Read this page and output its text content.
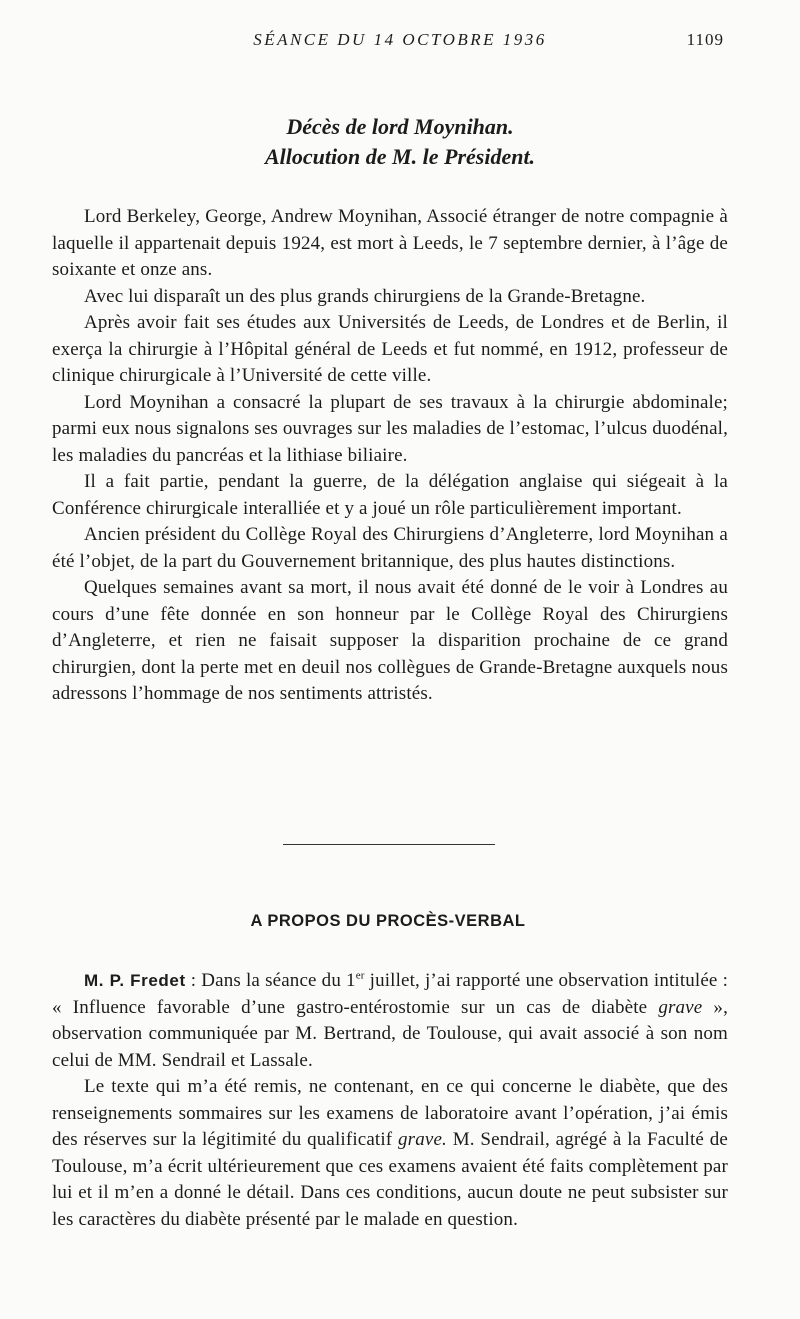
SÉANCE DU 14 OCTOBRE 1936	1109
Décès de lord Moynihan.
Allocution de M. le Président.

Lord Berkeley, George, Andrew Moynihan, Associé étranger de notre compagnie à laquelle il appartenait depuis 1924, est mort à Leeds, le 7 septembre dernier, à l’âge de soixante et onze ans.

Avec lui disparaît un des plus grands chirurgiens de la Grande-Bretagne.

Après avoir fait ses études aux Universités de Leeds, de Londres et de Berlin, il exerça la chirurgie à l’Hôpital général de Leeds et fut nommé, en 1912, professeur de clinique chirurgicale à l’Université de cette ville.

Lord Moynihan a consacré la plupart de ses travaux à la chirurgie abdominale; parmi eux nous signalons ses ouvrages sur les maladies de l’estomac, l’ulcus duodénal, les maladies du pancréas et la lithiase biliaire.

Il a fait partie, pendant la guerre, de la délégation anglaise qui siégeait à la Conférence chirurgicale interalliée et y a joué un rôle particulièrement important.

Ancien président du Collège Royal des Chirurgiens d’Angleterre, lord Moynihan a été l’objet, de la part du Gouvernement britannique, des plus hautes distinctions.

Quelques semaines avant sa mort, il nous avait été donné de le voir à Londres au cours d’une fête donnée en son honneur par le Collège Royal des Chirurgiens d’Angleterre, et rien ne faisait supposer la disparition prochaine de ce grand chirurgien, dont la perte met en deuil nos collègues de Grande-Bretagne auxquels nous adressons l’hommage de nos sentiments attristés.

A PROPOS DU PROCÈS-VERBAL

M. P. Fredet : Dans la séance du 1er juillet, j’ai rapporté une observation intitulée : « Influence favorable d’une gastro-entérostomie sur un cas de diabète grave », observation communiquée par M. Bertrand, de Toulouse, qui avait associé à son nom celui de MM. Sendrail et Lassale.

Le texte qui m’a été remis, ne contenant, en ce qui concerne le diabète, que des renseignements sommaires sur les examens de laboratoire avant l’opération, j’ai émis des réserves sur la légitimité du qualificatif grave. M. Sendrail, agrégé à la Faculté de Toulouse, m’a écrit ultérieurement que ces examens avaient été faits complètement par lui et il m’en a donné le détail. Dans ces conditions, aucun doute ne peut subsister sur les caractères du diabète présenté par le malade en question.
